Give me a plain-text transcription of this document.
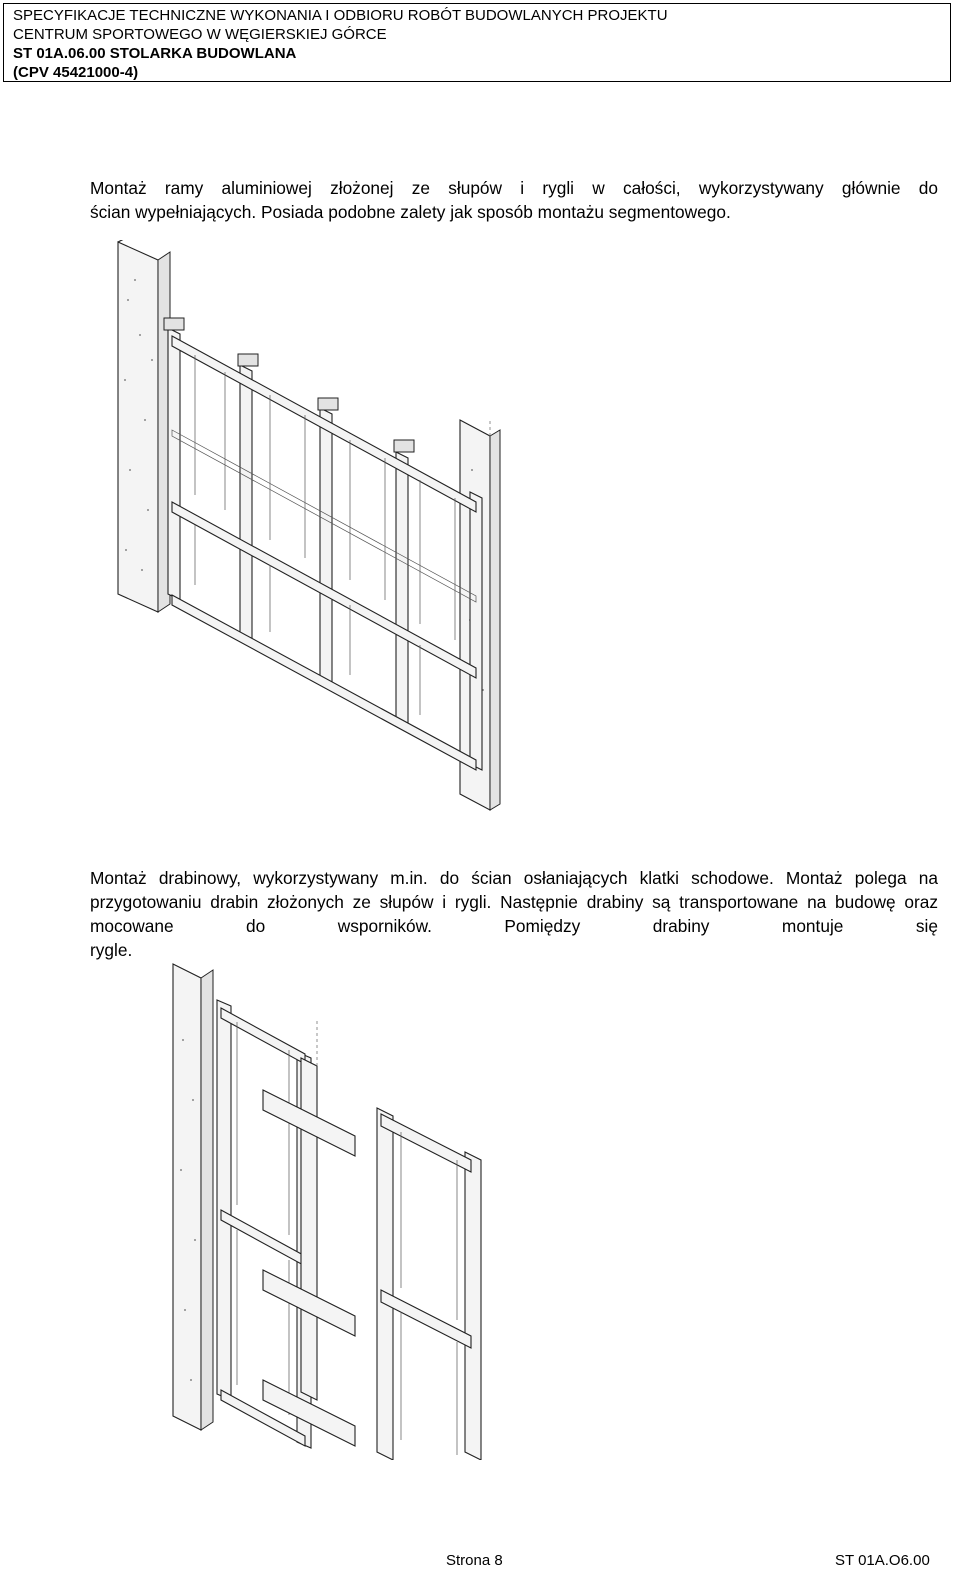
SPECYFIKACJE TECHNICZNE WYKONANIA I ODBIORU ROBÓT BUDOWLANYCH PROJEKTU
CENTRUM SPORTOWEGO W WĘGIERSKIEJ GÓRCE
ST 01A.06.00 STOLARKA BUDOWLANA
(CPV 45421000-4)
Montaż ramy aluminiowej złożonej ze słupów i rygli w całości, wykorzystywany głównie do
ścian wypełniających. Posiada podobne zalety jak sposób montażu segmentowego.
Montaż drabinowy, wykorzystywany m.in. do ścian osłaniających klatki schodowe. Montaż polega na przygotowaniu drabin złożonych ze słupów i rygli. Następnie drabiny są transportowane na budowę oraz mocowane do wsporników. Pomiędzy drabiny montuje się
rygle.
Strona 8	ST 01A.O6.00
